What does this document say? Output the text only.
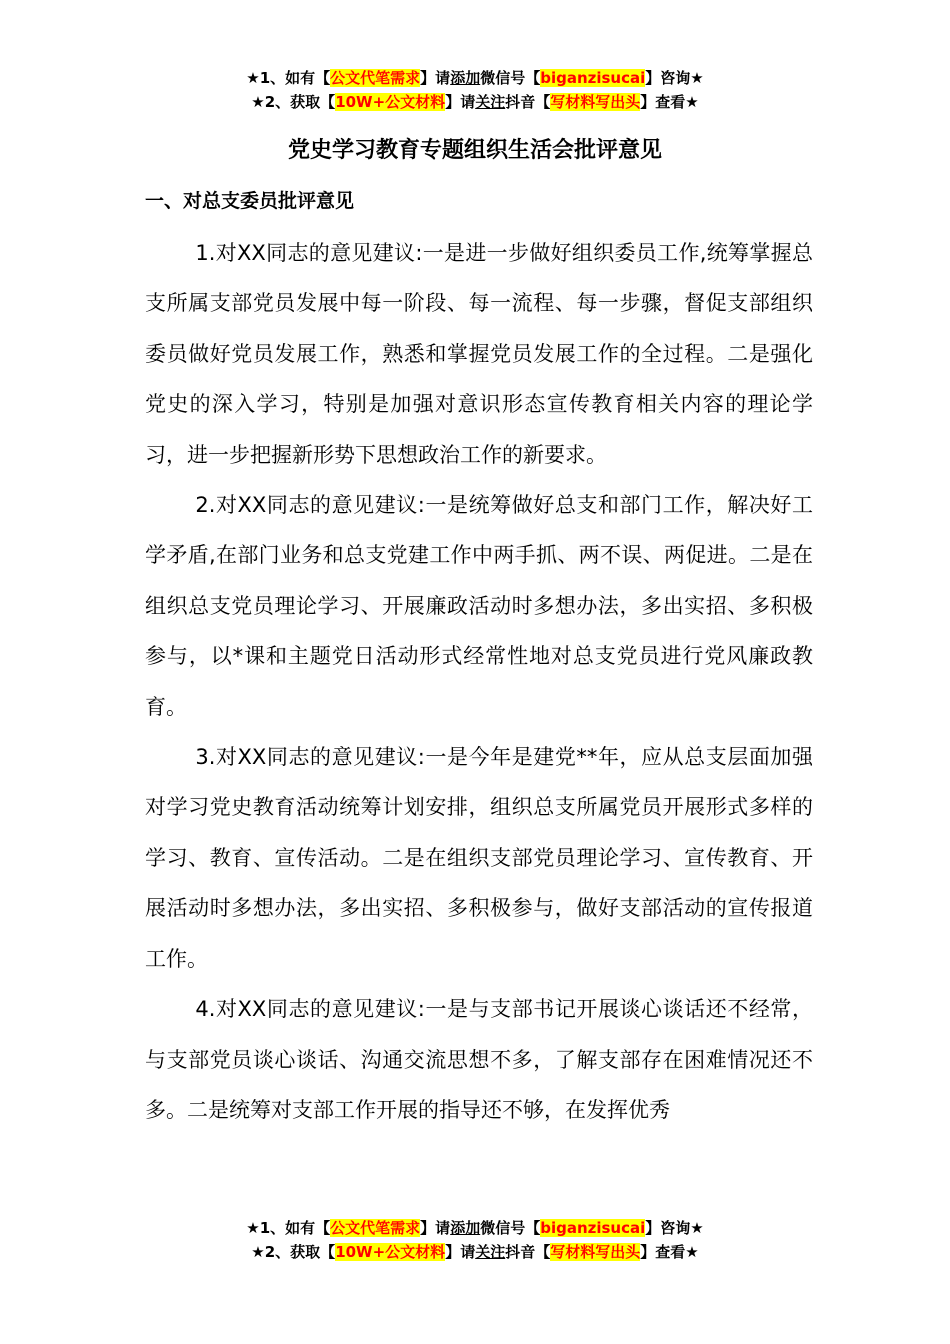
★1、如有【公文代笔需求】请添加微信号【biganzisucai】咨询★
★2、获取【10W+公文材料】请关注抖音【写材料写出头】查看★
党史学习教育专题组织生活会批评意见
一、对总支委员批评意见

1.对XX同志的意见建议:一是进一步做好组织委员工作,统筹掌握总支所属支部党员发展中每一阶段、每一流程、每一步骤，督促支部组织委员做好党员发展工作，熟悉和掌握党员发展工作的全过程。二是强化党史的深入学习，特别是加强对意识形态宣传教育相关内容的理论学习，进一步把握新形势下思想政治工作的新要求。

2.对XX同志的意见建议:一是统筹做好总支和部门工作，解决好工学矛盾,在部门业务和总支党建工作中两手抓、两不误、两促进。二是在组织总支党员理论学习、开展廉政活动时多想办法，多出实招、多积极参与，以*课和主题党日活动形式经常性地对总支党员进行党风廉政教育。

3.对XX同志的意见建议:一是今年是建党**年，应从总支层面加强对学习党史教育活动统筹计划安排，组织总支所属党员开展形式多样的学习、教育、宣传活动。二是在组织支部党员理论学习、宣传教育、开展活动时多想办法，多出实招、多积极参与，做好支部活动的宣传报道工作。

4.对XX同志的意见建议:一是与支部书记开展谈心谈话还不经常，与支部党员谈心谈话、沟通交流思想不多，了解支部存在困难情况还不多。二是统筹对支部工作开展的指导还不够，在发挥优秀

★1、如有【公文代笔需求】请添加微信号【biganzisucai】咨询★
★2、获取【10W+公文材料】请关注抖音【写材料写出头】查看★
